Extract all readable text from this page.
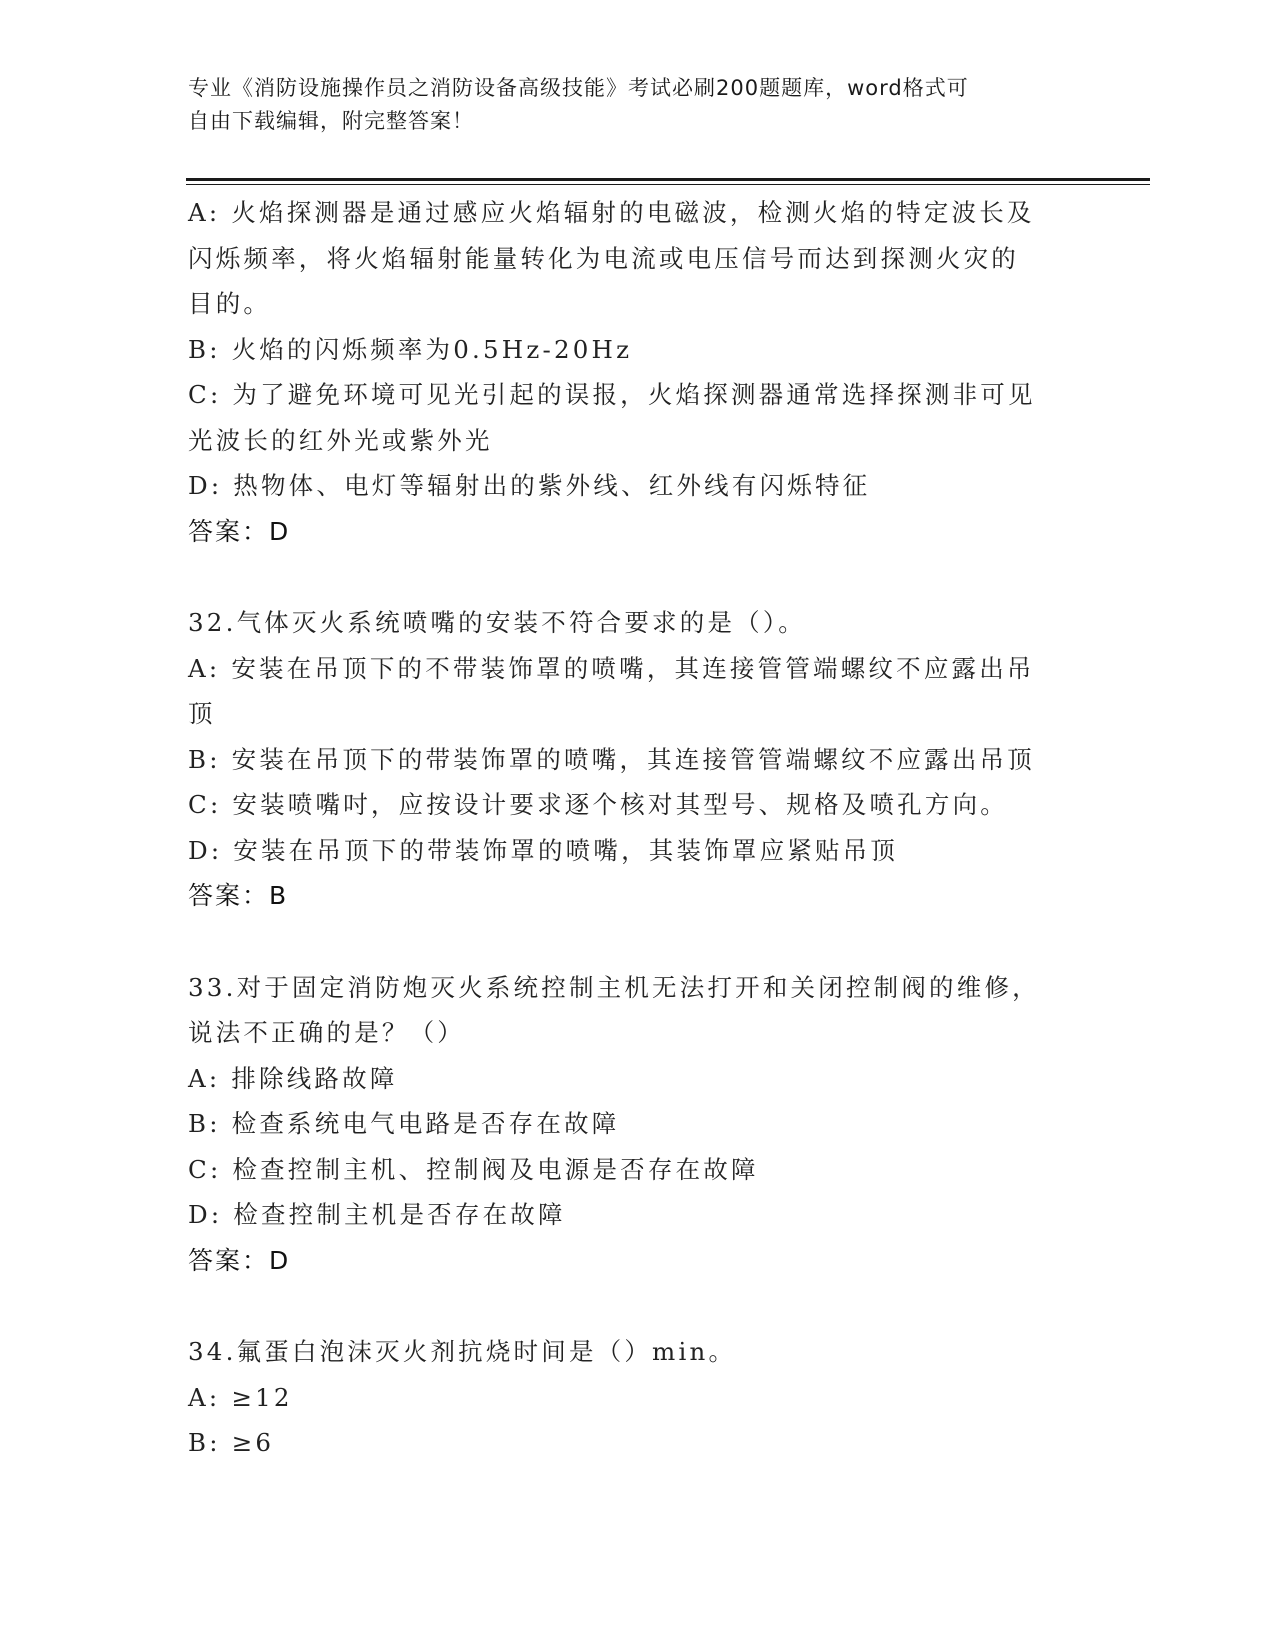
专业《消防设施操作员之消防设备高级技能》考试必刷200题题库，word格式可
自由下载编辑，附完整答案！
A: 火焰探测器是通过感应火焰辐射的电磁波，检测火焰的特定波长及
闪烁频率，将火焰辐射能量转化为电流或电压信号而达到探测火灾的
目的。
B: 火焰的闪烁频率为0.5Hz-20Hz
C: 为了避免环境可见光引起的误报，火焰探测器通常选择探测非可见
光波长的红外光或紫外光
D: 热物体、电灯等辐射出的紫外线、红外线有闪烁特征
答案：D
32.气体灭火系统喷嘴的安装不符合要求的是（）。
A: 安装在吊顶下的不带装饰罩的喷嘴，其连接管管端螺纹不应露出吊
顶
B: 安装在吊顶下的带装饰罩的喷嘴，其连接管管端螺纹不应露出吊顶
C: 安装喷嘴吋，应按设计要求逐个核对其型号、规格及喷孔方向。
D: 安装在吊顶下的带装饰罩的喷嘴，其装饰罩应紧贴吊顶
答案：B
33.对于固定消防炮灭火系统控制主机无法打开和关闭控制阀的维修，
说法不正确的是？（）
A: 排除线路故障
B: 检查系统电气电路是否存在故障
C: 检查控制主机、控制阀及电源是否存在故障
D: 检查控制主机是否存在故障
答案：D
34.氟蛋白泡沫灭火剂抗烧时间是（）min。
A: ≥12
B: ≥6
